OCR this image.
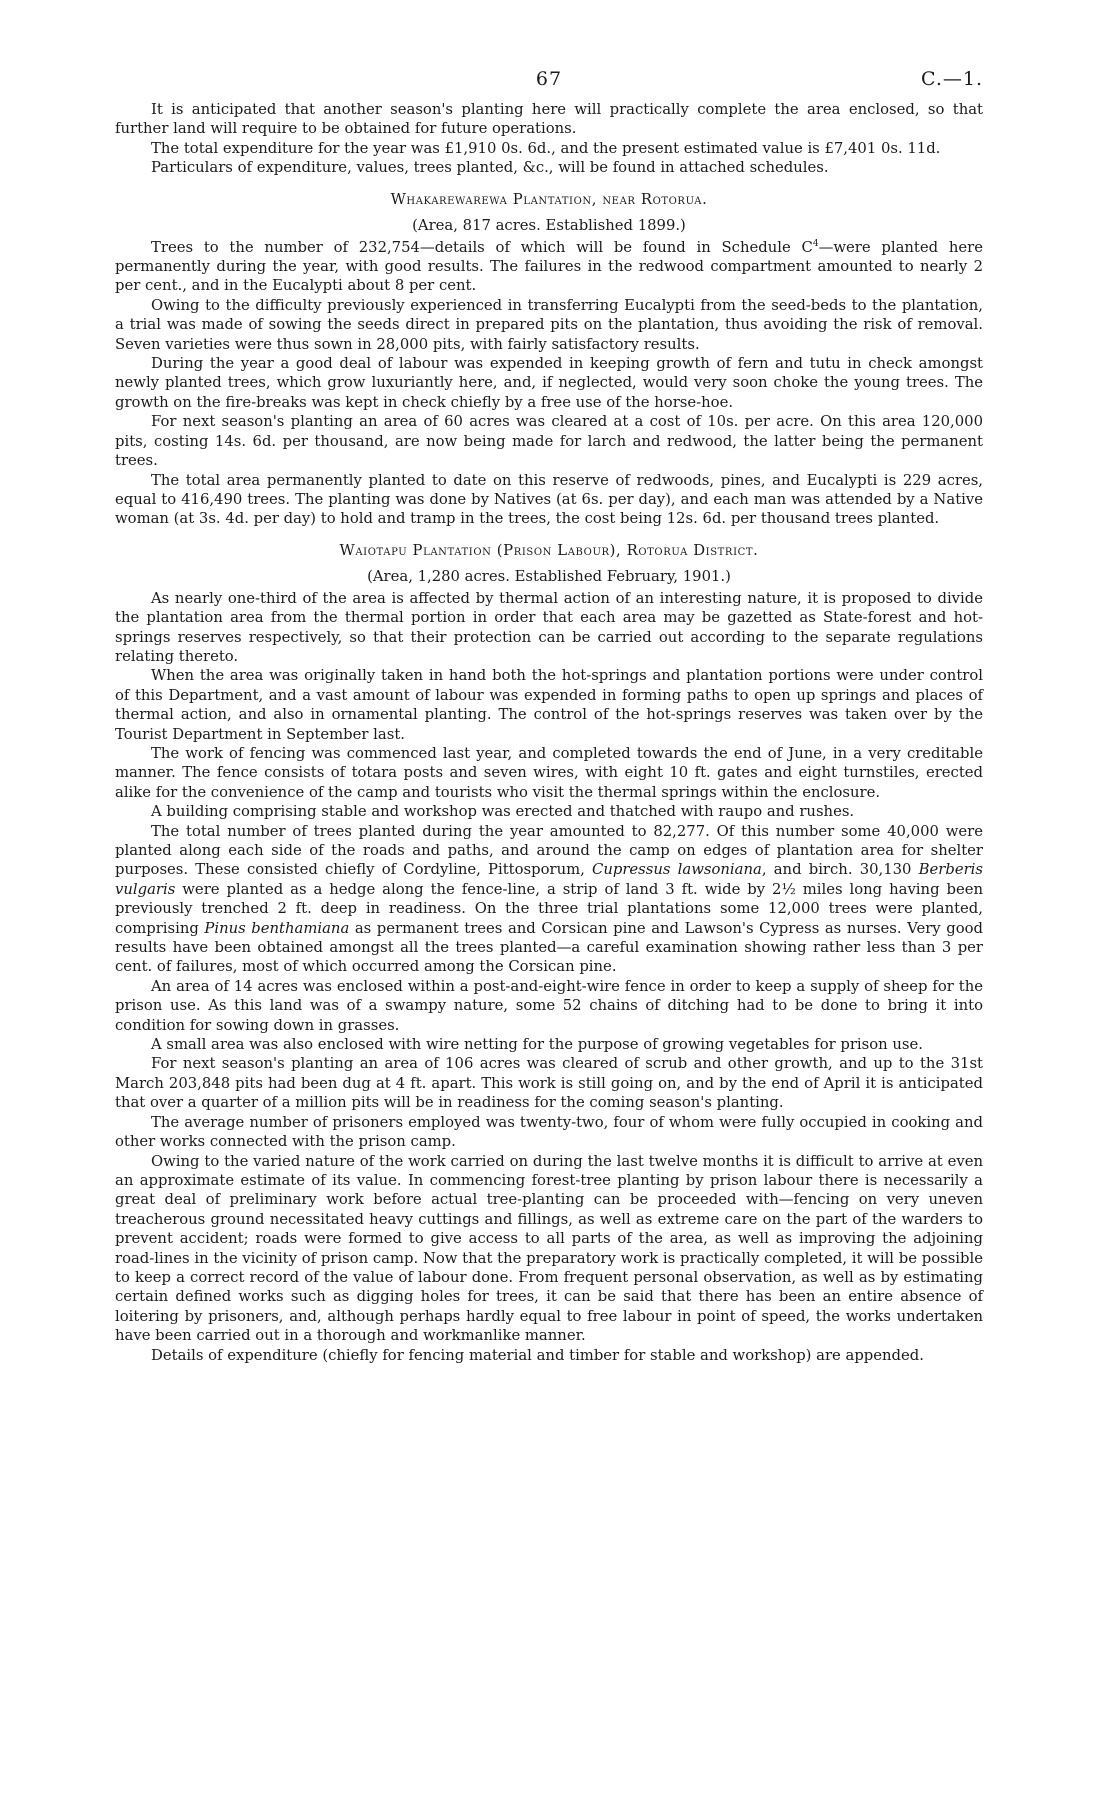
67	C.—1.

It is anticipated that another season's planting here will practically complete the area enclosed, so that further land will require to be obtained for future operations.

The total expenditure for the year was £1,910 0s. 6d., and the present estimated value is £7,401 0s. 11d.

Particulars of expenditure, values, trees planted, &c., will be found in attached schedules.

Whakarewarewa Plantation, near Rotorua.
(Area, 817 acres. Established 1899.)

Trees to the number of 232,754—details of which will be found in Schedule $C^4—were$ planted here permanently during the year, with good results. The failures in the redwood compartment amounted to nearly 2 per cent., and in the Eucalypti about 8 per cent.

Owing to the difficulty previously experienced in transferring Eucalypti from the seed-beds to the plantation, a trial was made of sowing the seeds direct in prepared pits on the plantation, thus avoiding the risk of removal. Seven varieties were thus sown in 28,000 pits, with fairly satisfactory results.

During the year a good deal of labour was expended in keeping growth of fern and tutu in check amongst newly planted trees, which grow luxuriantly here, and, if neglected, would very soon choke the young trees. The growth on the fire-breaks was kept in check chiefly by a free use of the horse-hoe.

For next season's planting an area of 60 acres was cleared at a cost of 10s. per acre. On this area 120,000 pits, costing 14s. 6d. per thousand, are now being made for larch and redwood, the latter being the permanent trees.

The total area permanently planted to date on this reserve of redwoods, pines, and Eucalypti is 229 acres, equal to 416,490 trees. The planting was done by Natives (at 6s. per day), and each man was attended by a Native woman (at 3s. 4d. per day) to hold and tramp in the trees, the cost being 12s. 6d. per thousand trees planted.

Waiotapu Plantation (Prison Labour), Rotorua District.
(Area, 1,280 acres. Established February, 1901.)

As nearly one-third of the area is affected by thermal action of an interesting nature, it is proposed to divide the plantation area from the thermal portion in order that each area may be gazetted as State-forest and hot-springs reserves respectively, so that their protection can be carried out according to the separate regulations relating thereto.

When the area was originally taken in hand both the hot-springs and plantation portions were under control of this Department, and a vast amount of labour was expended in forming paths to open up springs and places of thermal action, and also in ornamental planting. The control of the hot-springs reserves was taken over by the Tourist Department in September last.

The work of fencing was commenced last year, and completed towards the end of June, in a very creditable manner. The fence consists of totara posts and seven wires, with eight 10 ft. gates and eight turnstiles, erected alike for the convenience of the camp and tourists who visit the thermal springs within the enclosure.

A building comprising stable and workshop was erected and thatched with raupo and rushes.

The total number of trees planted during the year amounted to 82,277. Of this number some 40,000 were planted along each side of the roads and paths, and around the camp on edges of plantation area for shelter purposes. These consisted chiefly of Cordyline, Pittosporum, Cupressus lawsoniana, and birch. 30,130 Berberis vulgaris were planted as a hedge along the fence-line, a strip of land 3 ft. wide by 2½ miles long having been previously trenched 2 ft. deep in readiness. On the three trial plantations some 12,000 trees were planted, comprising Pinus benthamiana as permanent trees and Corsican pine and Lawson's Cypress as nurses. Very good results have been obtained amongst all the trees planted—a careful examination showing rather less than 3 per cent. of failures, most of which occurred among the Corsican pine.

An area of 14 acres was enclosed within a post-and-eight-wire fence in order to keep a supply of sheep for the prison use. As this land was of a swampy nature, some 52 chains of ditching had to be done to bring it into condition for sowing down in grasses.

A small area was also enclosed with wire netting for the purpose of growing vegetables for prison use.

For next season's planting an area of 106 acres was cleared of scrub and other growth, and up to the 31st March 203,848 pits had been dug at 4 ft. apart. This work is still going on, and by the end of April it is anticipated that over a quarter of a million pits will be in readiness for the coming season's planting.

The average number of prisoners employed was twenty-two, four of whom were fully occupied in cooking and other works connected with the prison camp.

Owing to the varied nature of the work carried on during the last twelve months it is difficult to arrive at even an approximate estimate of its value. In commencing forest-tree planting by prison labour there is necessarily a great deal of preliminary work before actual tree-planting can be proceeded with—fencing on very uneven treacherous ground necessitated heavy cuttings and fillings, as well as extreme care on the part of the warders to prevent accident; roads were formed to give access to all parts of the area, as well as improving the adjoining road-lines in the vicinity of prison camp. Now that the preparatory work is practically completed, it will be possible to keep a correct record of the value of labour done. From frequent personal observation, as well as by estimating certain defined works such as digging holes for trees, it can be said that there has been an entire absence of loitering by prisoners, and, although perhaps hardly equal to free labour in point of speed, the works undertaken have been carried out in a thorough and workmanlike manner.

Details of expenditure (chiefly for fencing material and timber for stable and workshop) are appended.
